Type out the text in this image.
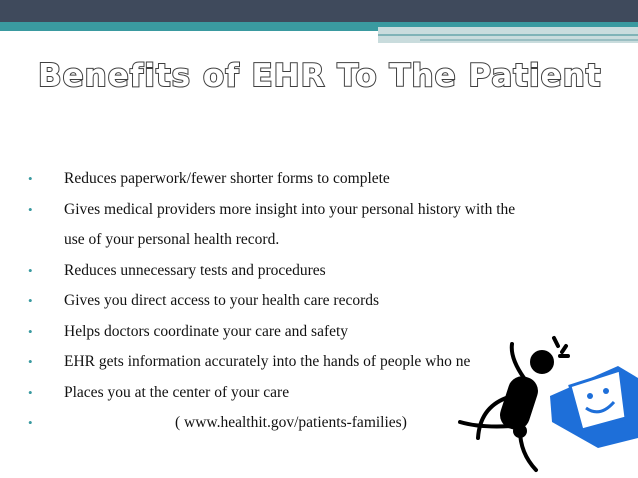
Benefits of EHR To The Patient
• Reduces paperwork/fewer shorter forms to complete
• Gives medical providers more insight into your personal history with the
use of your personal health record.
• Reduces unnecessary tests and procedures
• Gives you direct access to your health care records
• Helps doctors coordinate your care and safety
• EHR gets information accurately into the hands of people who ne
• Places you at the center of your care
•	( www.healthit.gov/patients-families)
